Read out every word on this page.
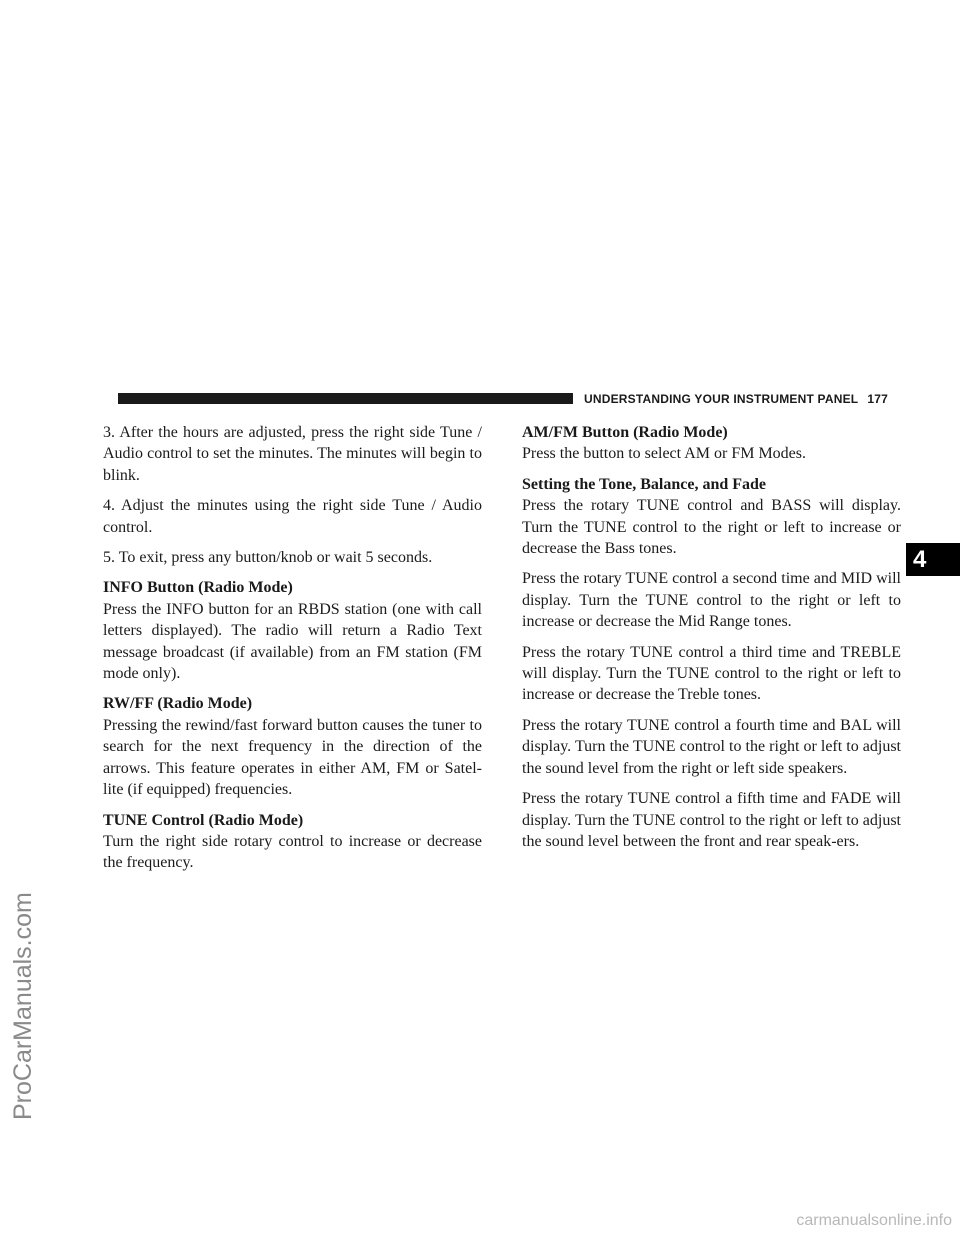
UNDERSTANDING YOUR INSTRUMENT PANEL 177

3. After the hours are adjusted, press the right side Tune / Audio control to set the minutes. The minutes will begin to blink.

4. Adjust the minutes using the right side Tune / Audio control.

5. To exit, press any button/knob or wait 5 seconds.

INFO Button (Radio Mode)

Press the INFO button for an RBDS station (one with call letters displayed). The radio will return a Radio Text message broadcast (if available) from an FM station (FM mode only).

RW/FF (Radio Mode)

Pressing the rewind/fast forward button causes the tuner to search for the next frequency in the direction of the arrows. This feature operates in either AM, FM or Satel-lite (if equipped) frequencies.

TUNE Control (Radio Mode)

Turn the right side rotary control to increase or decrease the frequency.

AM/FM Button (Radio Mode)

Press the button to select AM or FM Modes.

Setting the Tone, Balance, and Fade

Press the rotary TUNE control and BASS will display. Turn the TUNE control to the right or left to increase or decrease the Bass tones.

Press the rotary TUNE control a second time and MID will display. Turn the TUNE control to the right or left to increase or decrease the Mid Range tones.

Press the rotary TUNE control a third time and TREBLE will display. Turn the TUNE control to the right or left to increase or decrease the Treble tones.

Press the rotary TUNE control a fourth time and BAL will display. Turn the TUNE control to the right or left to adjust the sound level from the right or left side speakers.

Press the rotary TUNE control a fifth time and FADE will display. Turn the TUNE control to the right or left to adjust the sound level between the front and rear speak-ers.

4
ProCarManuals.com
carmanualsonline.info
